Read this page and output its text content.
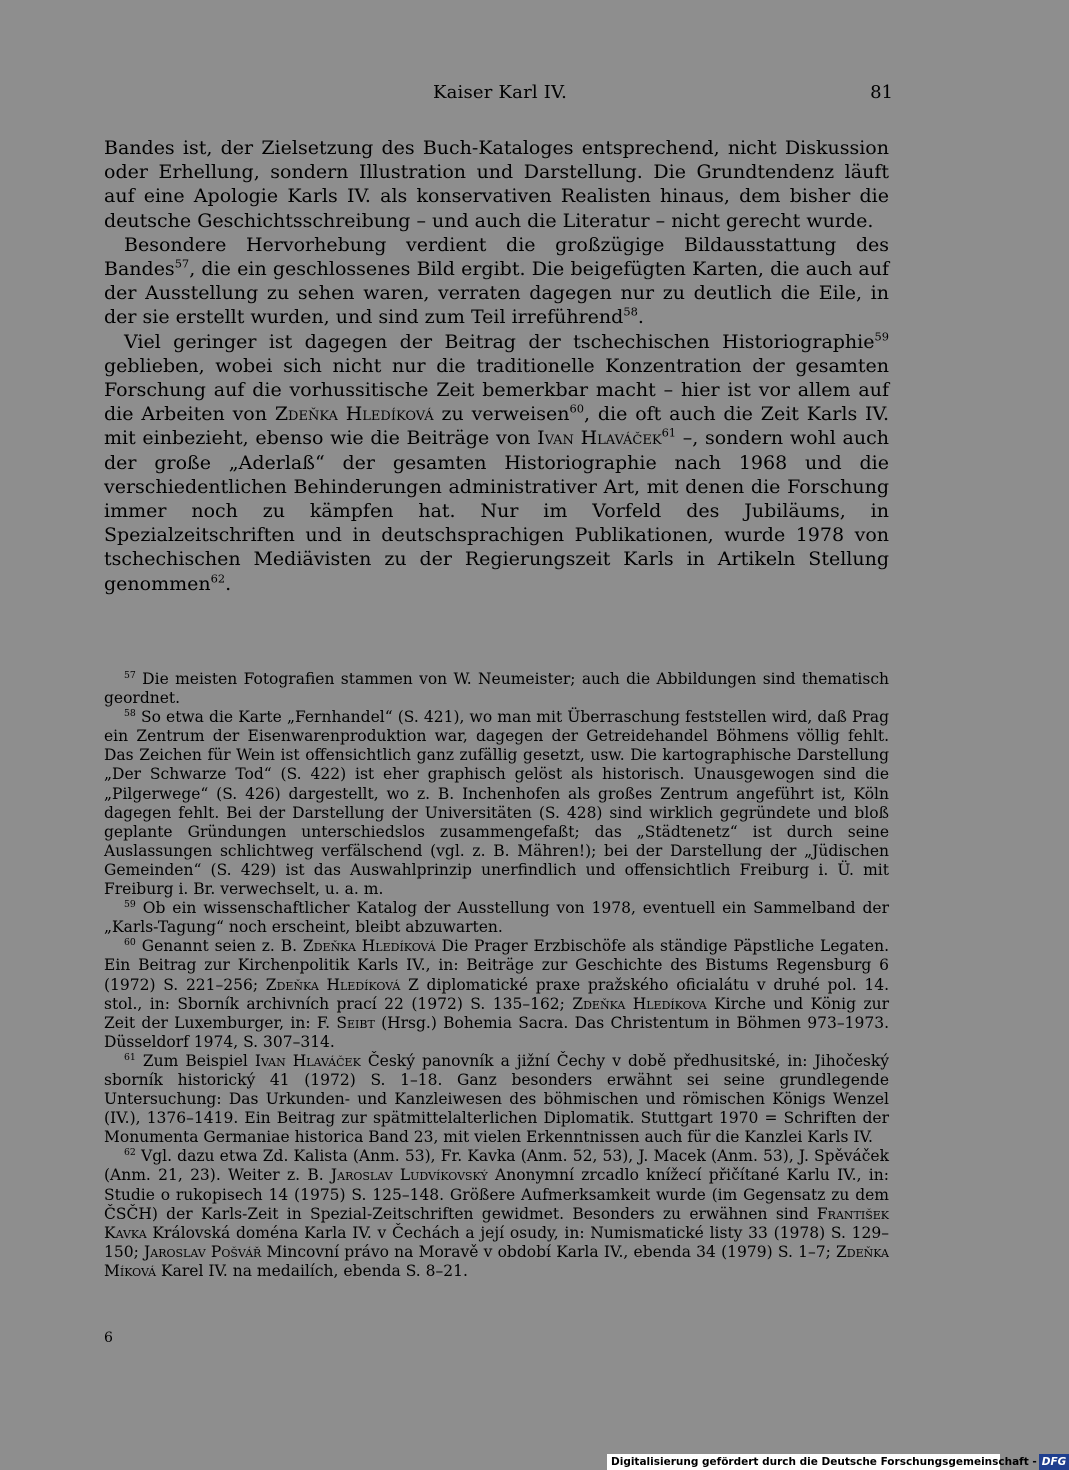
Kaiser Karl IV.	81

Bandes ist, der Zielsetzung des Buch-Kataloges entsprechend, nicht Diskussion oder Erhellung, sondern Illustration und Darstellung. Die Grundtendenz läuft auf eine Apologie Karls IV. als konservativen Realisten hinaus, dem bisher die deutsche Geschichtsschreibung – und auch die Literatur – nicht gerecht wurde.

Besondere Hervorhebung verdient die großzügige Bildausstattung des Bandes$^{57}$, die ein geschlossenes Bild ergibt. Die beigefügten Karten, die auch auf der Ausstellung zu sehen waren, verraten dagegen nur zu deutlich die Eile, in der sie erstellt wurden, und sind zum Teil irreführend$^{58}$.

Viel geringer ist dagegen der Beitrag der tschechischen Historiographie$^{59}$ geblieben, wobei sich nicht nur die traditionelle Konzentration der gesamten Forschung auf die vorhussitische Zeit bemerkbar macht – hier ist vor allem auf die Arbeiten von Zdeňka Hledíková zu verweisen$^{60}$, die oft auch die Zeit Karls IV. mit einbezieht, ebenso wie die Beiträge von Ivan Hlaváček$^{61}$ –, sondern wohl auch der große „Aderlaß“ der gesamten Historiographie nach 1968 und die verschiedentlichen Behinderungen administrativer Art, mit denen die Forschung immer noch zu kämpfen hat. Nur im Vorfeld des Jubiläums, in Spezialzeitschriften und in deutschsprachigen Publikationen, wurde 1978 von tschechischen Mediävisten zu der Regierungszeit Karls in Artikeln Stellung genommen$^{62}$.

$^{57}$ Die meisten Fotografien stammen von W. Neumeister; auch die Abbildungen sind thematisch geordnet.

$^{58}$ So etwa die Karte „Fernhandel“ (S. 421), wo man mit Überraschung feststellen wird, daß Prag ein Zentrum der Eisenwarenproduktion war, dagegen der Getreidehandel Böhmens völlig fehlt. Das Zeichen für Wein ist offensichtlich ganz zufällig gesetzt, usw. Die kartographische Darstellung „Der Schwarze Tod“ (S. 422) ist eher graphisch gelöst als historisch. Unausgewogen sind die „Pilgerwege“ (S. 426) dargestellt, wo z. B. Inchenhofen als großes Zentrum angeführt ist, Köln dagegen fehlt. Bei der Darstellung der Universitäten (S. 428) sind wirklich gegründete und bloß geplante Gründungen unterschiedslos zusammengefaßt; das „Städtenetz“ ist durch seine Auslassungen schlichtweg verfälschend (vgl. z. B. Mähren!); bei der Darstellung der „Jüdischen Gemeinden“ (S. 429) ist das Auswahlprinzip unerfindlich und offensichtlich Freiburg i. Ü. mit Freiburg i. Br. verwechselt, u. a. m.

$^{59}$ Ob ein wissenschaftlicher Katalog der Ausstellung von 1978, eventuell ein Sammelband der „Karls-Tagung“ noch erscheint, bleibt abzuwarten.

$^{60}$ Genannt seien z. B. Zdeňka Hledíková Die Prager Erzbischöfe als ständige Päpstliche Legaten. Ein Beitrag zur Kirchenpolitik Karls IV., in: Beiträge zur Geschichte des Bistums Regensburg 6 (1972) S. 221–256; Zdeňka Hledíková Z diplomatické praxe pražského oficialátu v druhé pol. 14. stol., in: Sborník archivních prací 22 (1972) S. 135–162; Zdeňka Hledíkova Kirche und König zur Zeit der Luxemburger, in: F. Seibt (Hrsg.) Bohemia Sacra. Das Christentum in Böhmen 973–1973. Düsseldorf 1974, S. 307–314.

$^{61}$ Zum Beispiel Ivan Hlaváček Český panovník a jižní Čechy v době předhusitské, in: Jihočeský sborník historický 41 (1972) S. 1–18. Ganz besonders erwähnt sei seine grundlegende Untersuchung: Das Urkunden- und Kanzleiwesen des böhmischen und römischen Königs Wenzel (IV.), 1376–1419. Ein Beitrag zur spätmittelalterlichen Diplomatik. Stuttgart 1970 = Schriften der Monumenta Germaniae historica Band 23, mit vielen Erkenntnissen auch für die Kanzlei Karls IV.

$^{62}$ Vgl. dazu etwa Zd. Kalista (Anm. 53), Fr. Kavka (Anm. 52, 53), J. Macek (Anm. 53), J. Spěváček (Anm. 21, 23). Weiter z. B. Jaroslav Ludvíkovský Anonymní zrcadlo knížecí přičítané Karlu IV., in: Studie o rukopisech 14 (1975) S. 125–148. Größere Aufmerksamkeit wurde (im Gegensatz zu dem ČSČH) der Karls-Zeit in Spezial-Zeitschriften gewidmet. Besonders zu erwähnen sind František Kavka Královská doména Karla IV. v Čechách a její osudy, in: Numismatické listy 33 (1978) S. 129–150; Jaroslav Pošvář Mincovní právo na Moravě v období Karla IV., ebenda 34 (1979) S. 1–7; Zdeňka Míková Karel IV. na medailích, ebenda S. 8–21.

6
Digitalisierung gefördert durch die Deutsche Forschungsgemeinschaft - DFG
